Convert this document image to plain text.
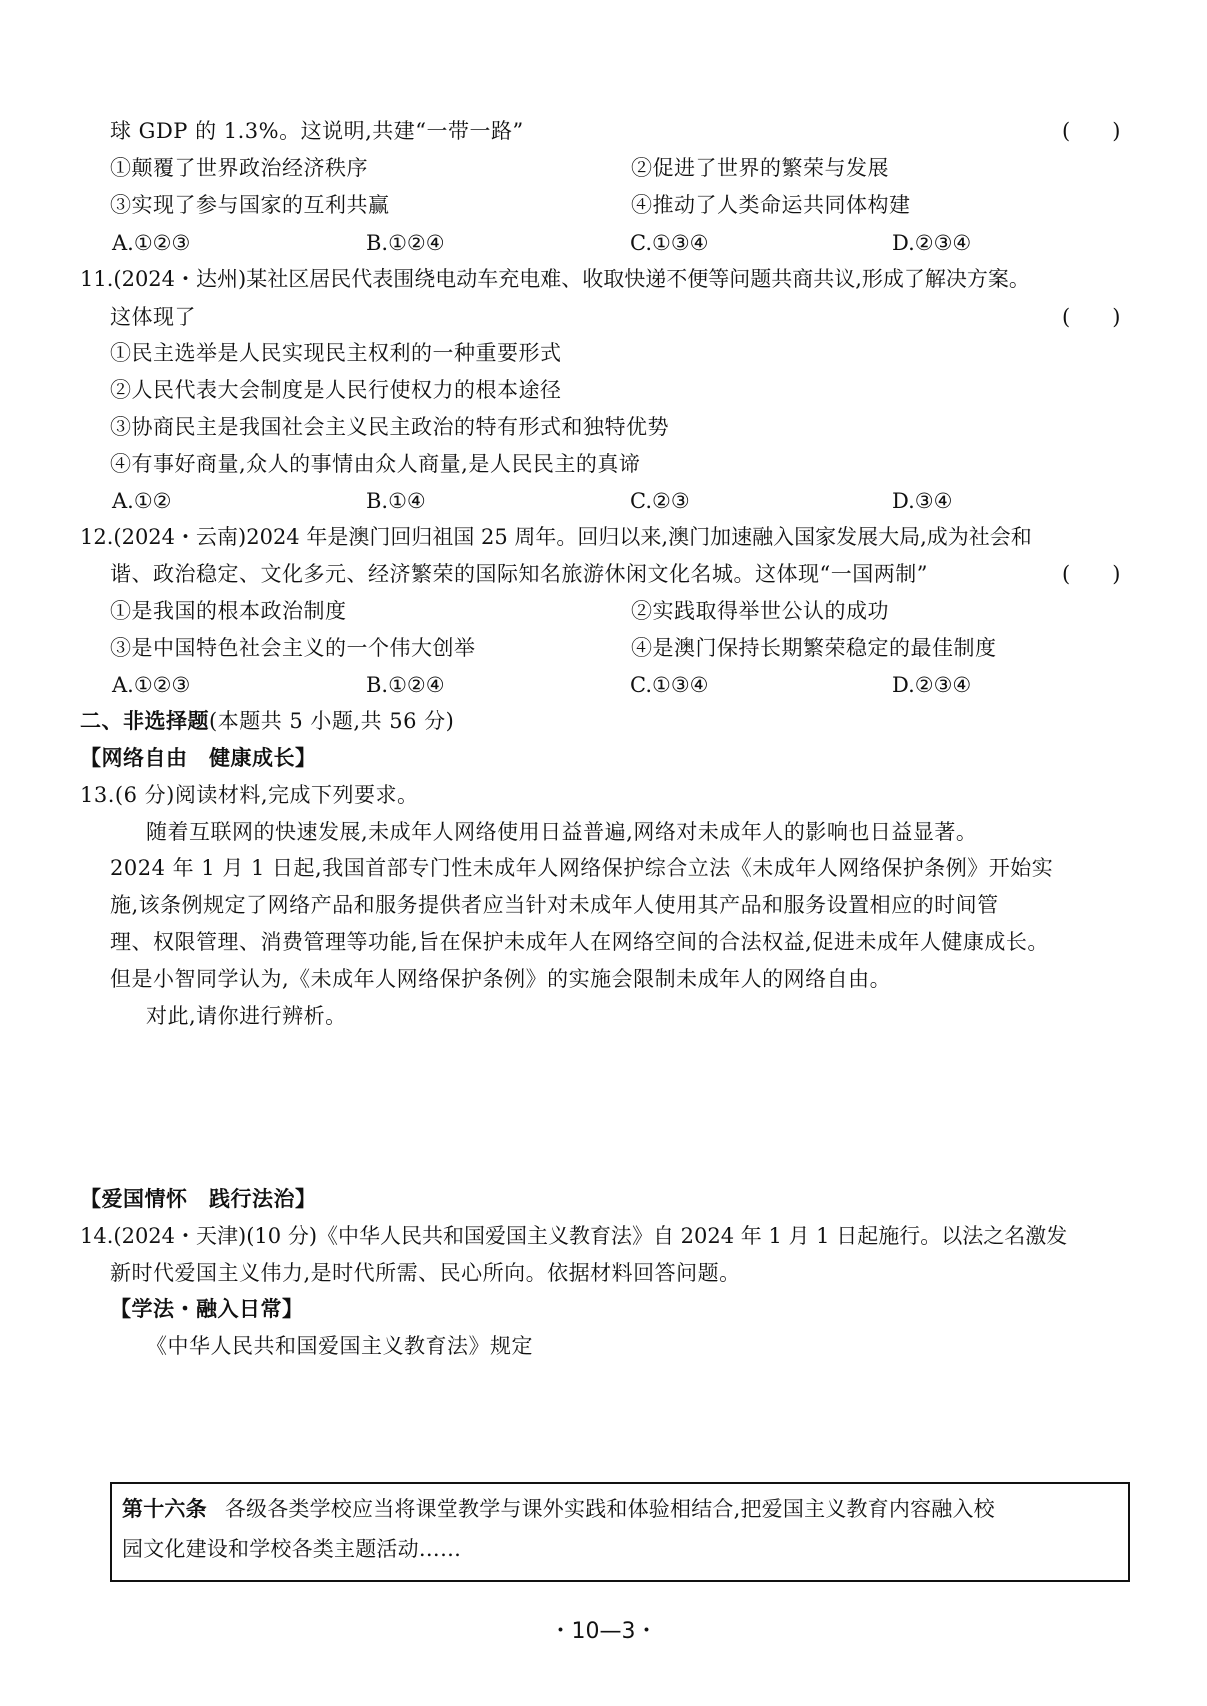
球 GDP 的 1.3%。这说明,共建“一带一路”	(　　)
①颠覆了世界政治经济秩序	②促进了世界的繁荣与发展
③实现了参与国家的互利共赢	④推动了人类命运共同体构建
A.①②③	B.①②④	C.①③④	D.②③④
11.(2024・达州)某社区居民代表围绕电动车充电难、收取快递不便等问题共商共议,形成了解决方案。
这体现了	(　　)
①民主选举是人民实现民主权利的一种重要形式
②人民代表大会制度是人民行使权力的根本途径
③协商民主是我国社会主义民主政治的特有形式和独特优势
④有事好商量,众人的事情由众人商量,是人民民主的真谛
A.①②	B.①④	C.②③	D.③④
12.(2024・云南)2024 年是澳门回归祖国 25 周年。回归以来,澳门加速融入国家发展大局,成为社会和
谐、政治稳定、文化多元、经济繁荣的国际知名旅游休闲文化名城。这体现“一国两制”	(　　)
①是我国的根本政治制度	②实践取得举世公认的成功
③是中国特色社会主义的一个伟大创举	④是澳门保持长期繁荣稳定的最佳制度
A.①②③	B.①②④	C.①③④	D.②③④
二、非选择题(本题共 5 小题,共 56 分)
【网络自由　健康成长】
13.(6 分)阅读材料,完成下列要求。
随着互联网的快速发展,未成年人网络使用日益普遍,网络对未成年人的影响也日益显著。
2024 年 1 月 1 日起,我国首部专门性未成年人网络保护综合立法《未成年人网络保护条例》开始实
施,该条例规定了网络产品和服务提供者应当针对未成年人使用其产品和服务设置相应的时间管
理、权限管理、消费管理等功能,旨在保护未成年人在网络空间的合法权益,促进未成年人健康成长。
但是小智同学认为,《未成年人网络保护条例》的实施会限制未成年人的网络自由。
对此,请你进行辨析。
【爱国情怀　践行法治】
14.(2024・天津)(10 分)《中华人民共和国爱国主义教育法》自 2024 年 1 月 1 日起施行。以法之名激发
新时代爱国主义伟力,是时代所需、民心所向。依据材料回答问题。
【学法・融入日常】
《中华人民共和国爱国主义教育法》规定
第十六条 各级各类学校应当将课堂教学与课外实践和体验相结合,把爱国主义教育内容融入校
园文化建设和学校各类主题活动……
・10—3・
